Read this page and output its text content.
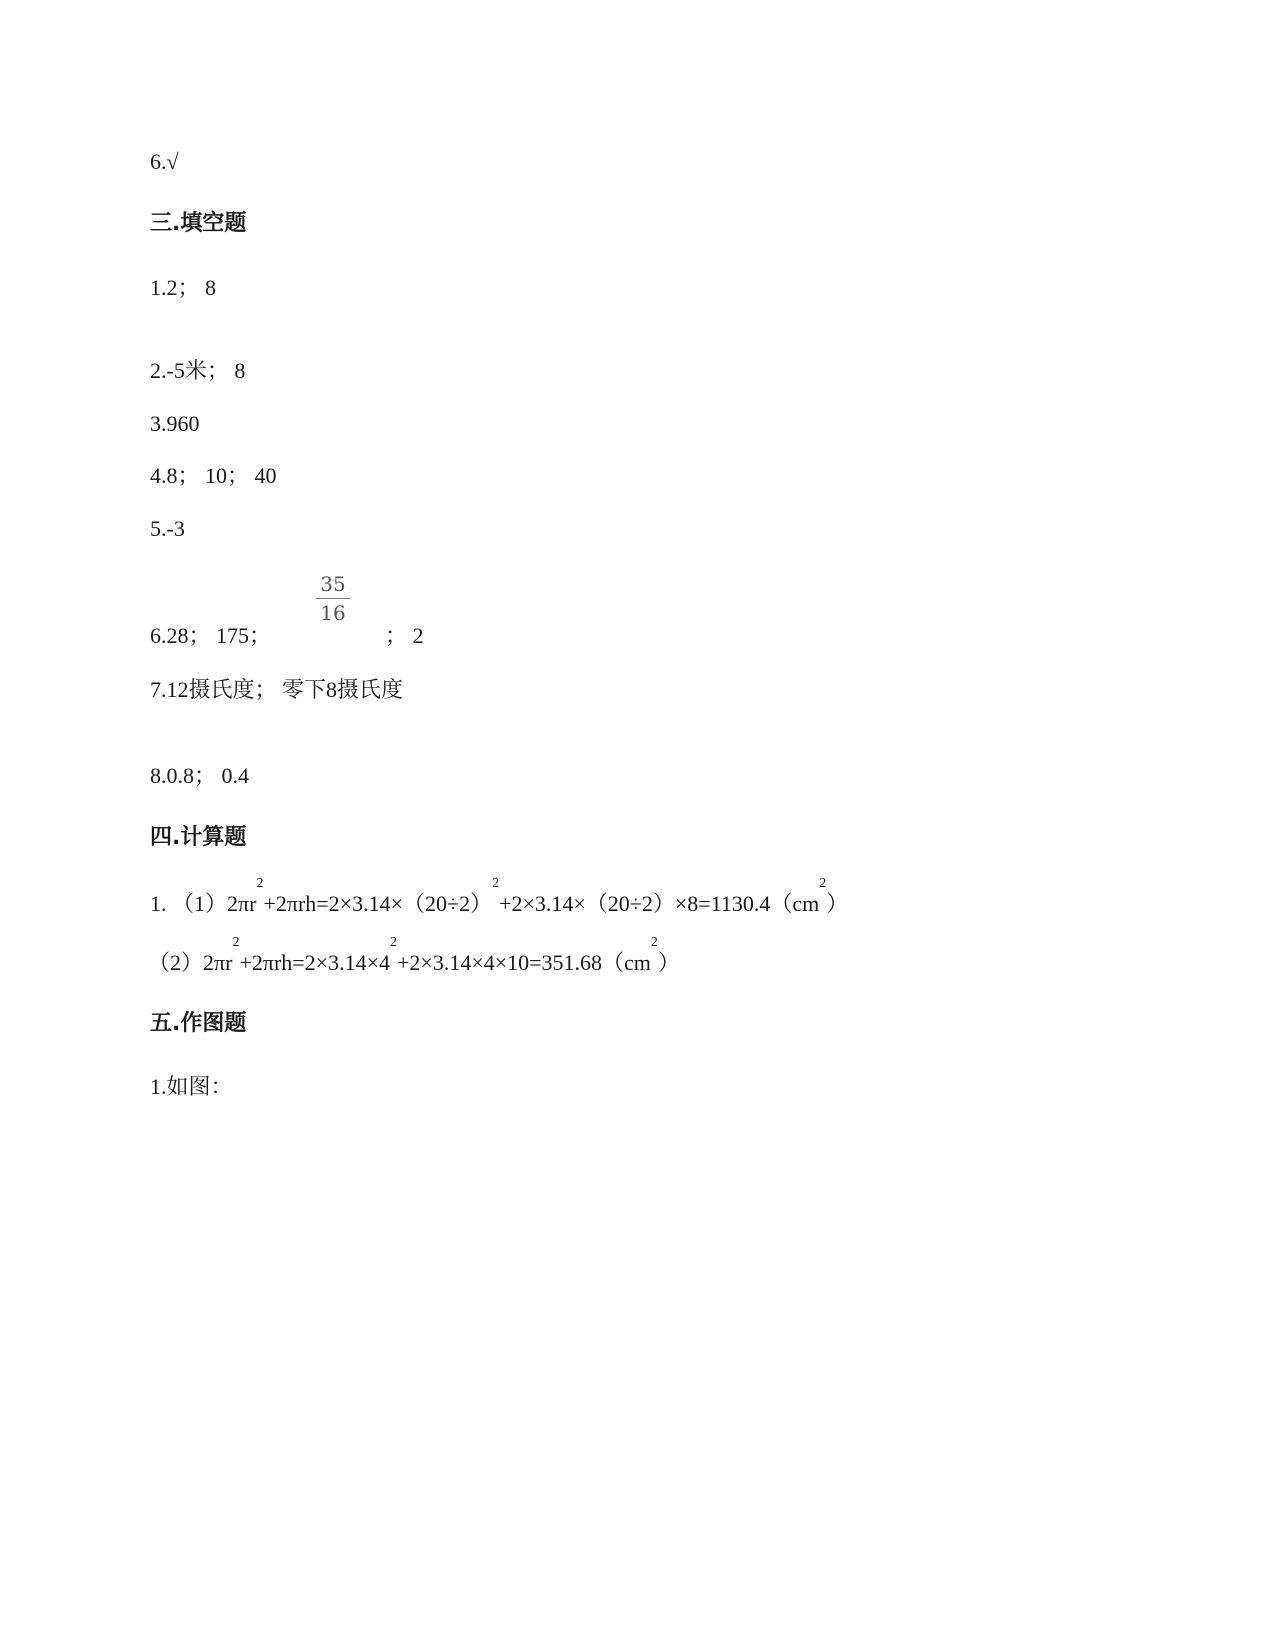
6.√
三.填空题
1.2； 8
2.-5米； 8
3.960
4.8； 10； 40
5.-3
6.28； 175；
35
16
； 2
7.12摄氏度； 零下8摄氏度
8.0.8； 0.4
四.计算题
1. $(1)2\pi r^2+2\pi rh=2\times 3.14\times(20\div 2)^2+2\times 3.14\times(20\div 2)\times 8=1130.4(cm^2)$
$(2)2\pi r^2+2\pi rh=2\times 3.14\times 4^2+2\times 3.14\times 4\times 10=351.68(cm^2)$
五.作图题
1.如图：
